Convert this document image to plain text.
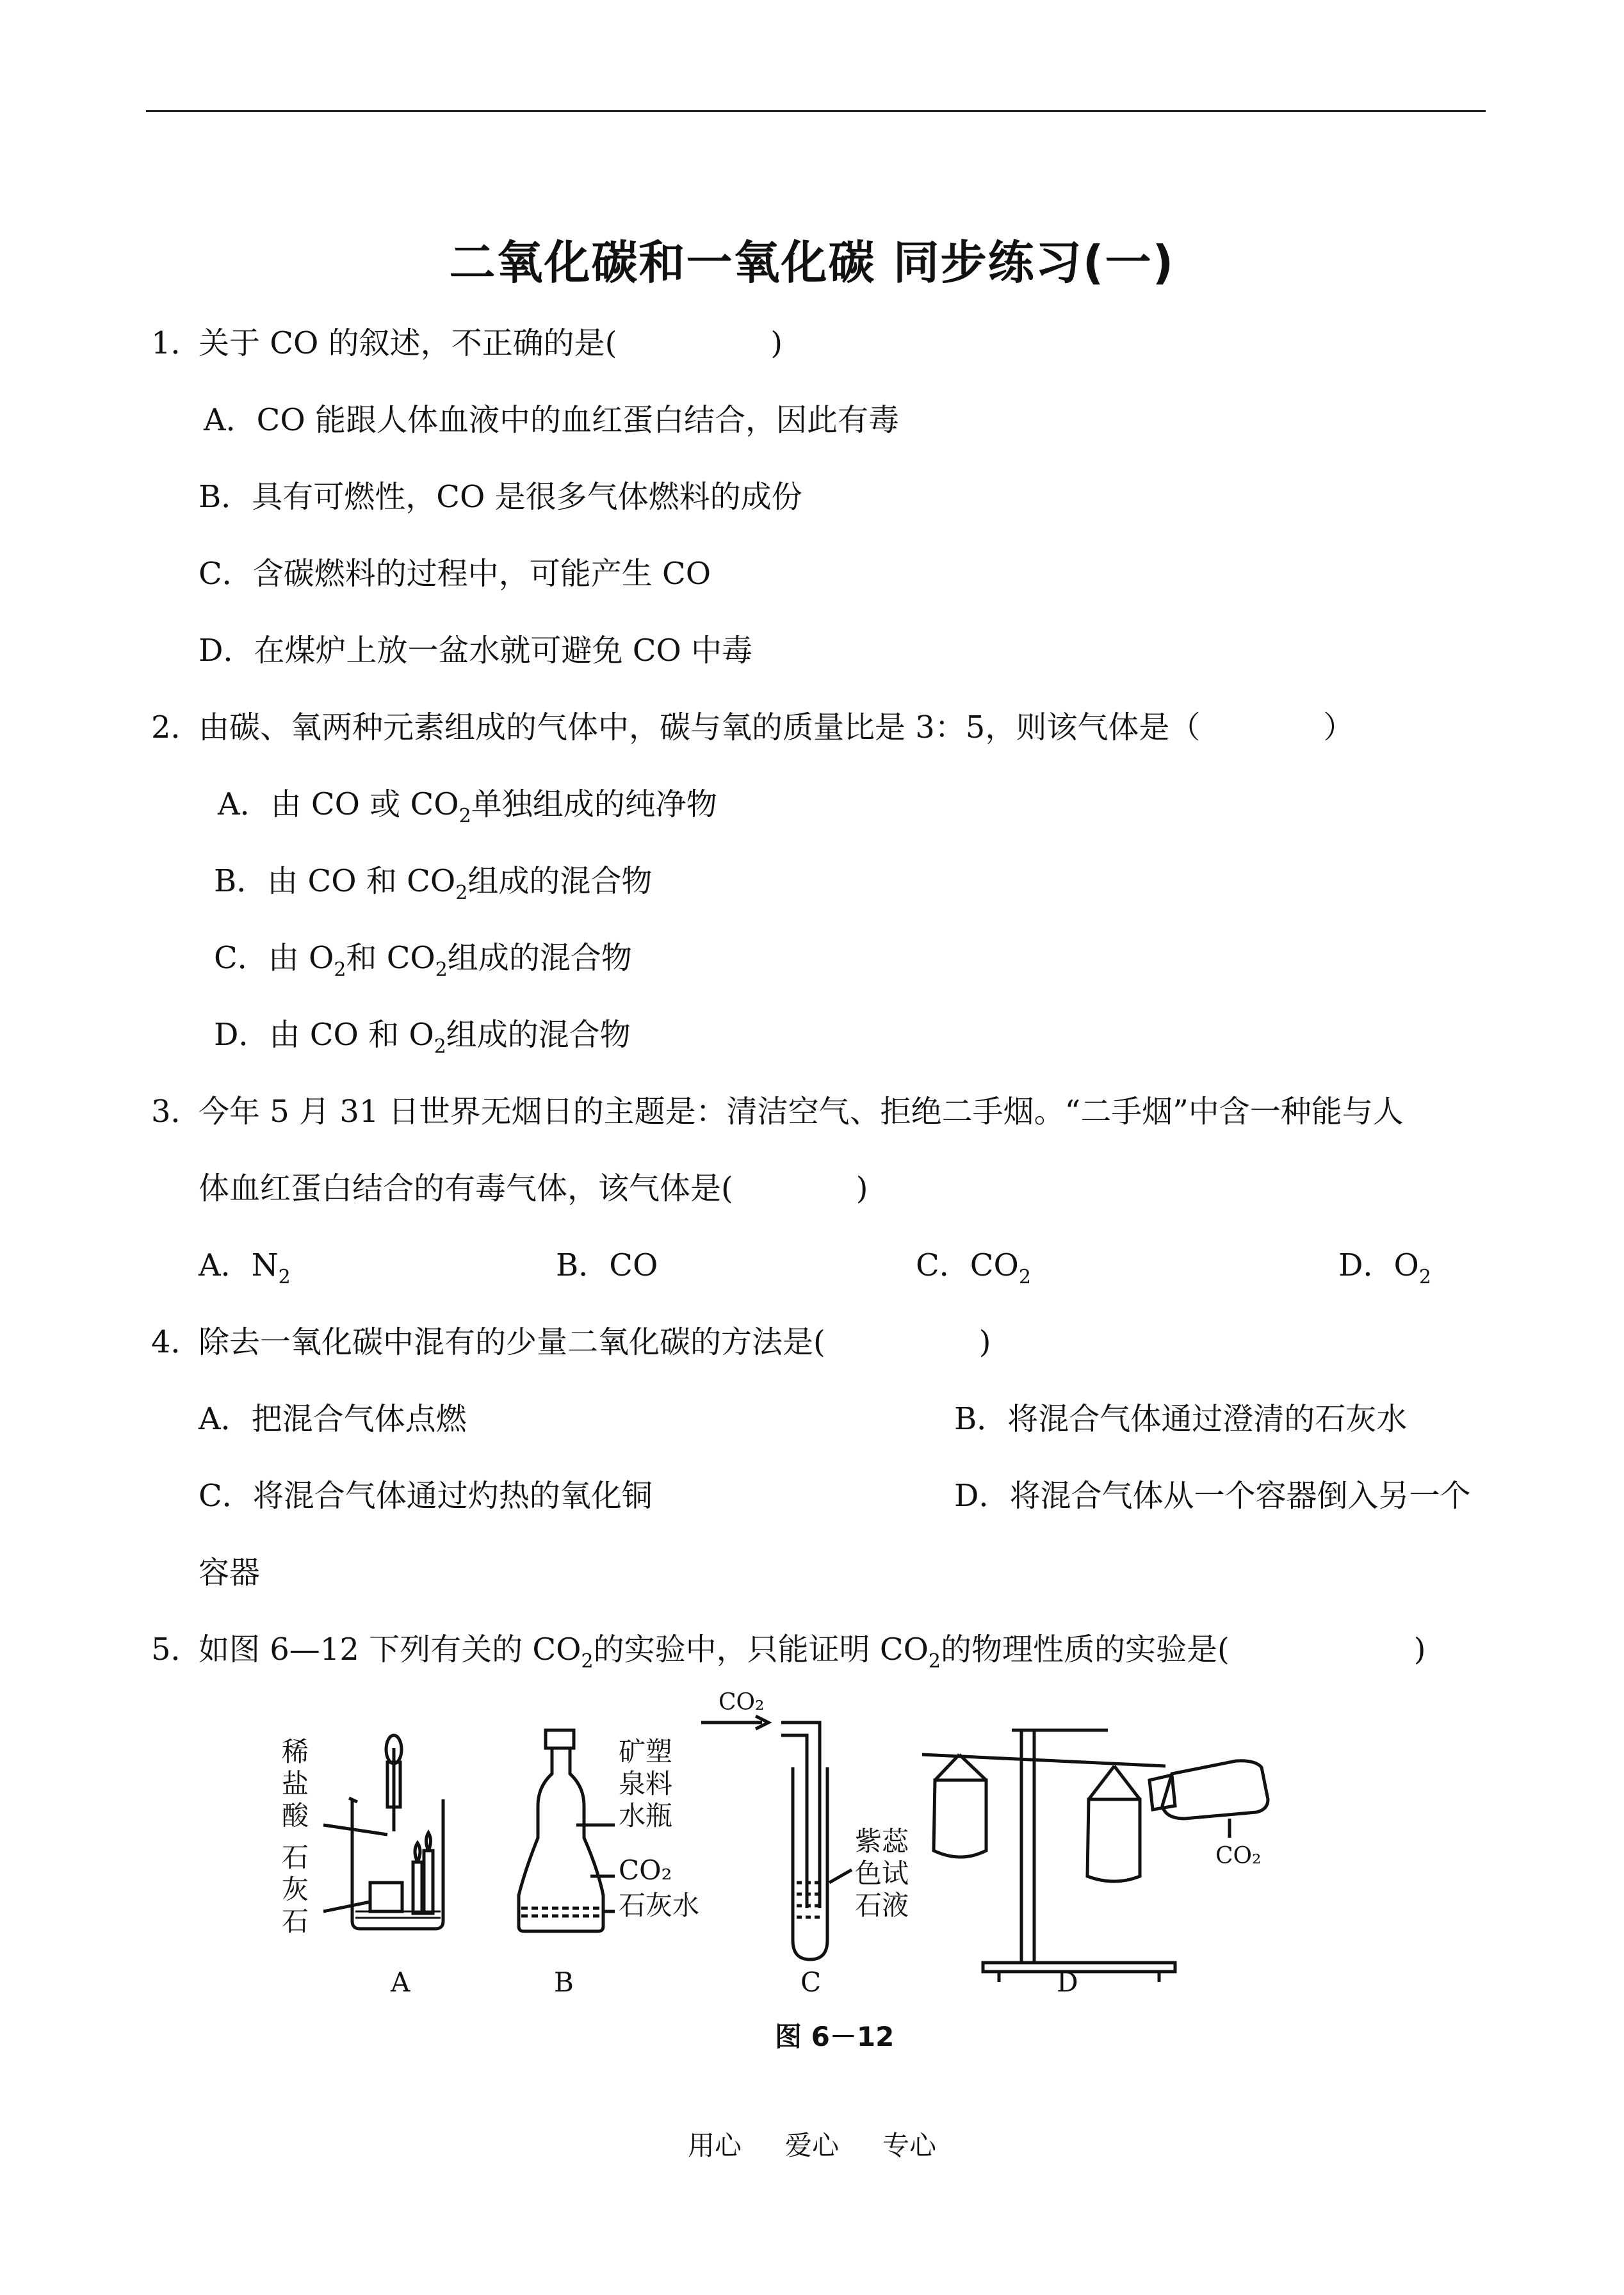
二氧化碳和一氧化碳 同步练习(一)
1．关于 CO 的叙述，不正确的是(　　　　　)
A．CO 能跟人体血液中的血红蛋白结合，因此有毒
B．具有可燃性，CO 是很多气体燃料的成份
C．含碳燃料的过程中，可能产生 CO
D．在煤炉上放一盆水就可避免 CO 中毒
2．由碳、氧两种元素组成的气体中，碳与氧的质量比是 3：5，则该气体是（　　　　）
A．由 CO 或 $CO_2$单独组成的纯净物
B．由 CO 和 $CO_2$组成的混合物
C．由 $O_2$和 $CO_2$组成的混合物
D．由 CO 和 $O_2$组成的混合物
3．今年 5 月 31 日世界无烟日的主题是：清洁空气、拒绝二手烟。“二手烟”中含一种能与人
体血红蛋白结合的有毒气体，该气体是(　　　　)
A．$N_2$	B．CO	C．$CO_2$	D．$O_2$
4．除去一氧化碳中混有的少量二氧化碳的方法是(　　　　　)
A．把混合气体点燃	B．将混合气体通过澄清的石灰水
C．将混合气体通过灼热的氧化铜	D．将混合气体从一个容器倒入另一个
容器
5．如图 6—12 下列有关的 $CO_2$的实验中，只能证明 $CO_2$的物理性质的实验是(　　　　　　)
稀
盐
酸
石
灰
石
矿塑
泉料
水瓶
CO₂
石灰水
CO₂
紫蕊
色试
石液
CO₂
A	B	C	D
图 6－12
用心 爱心 专心
